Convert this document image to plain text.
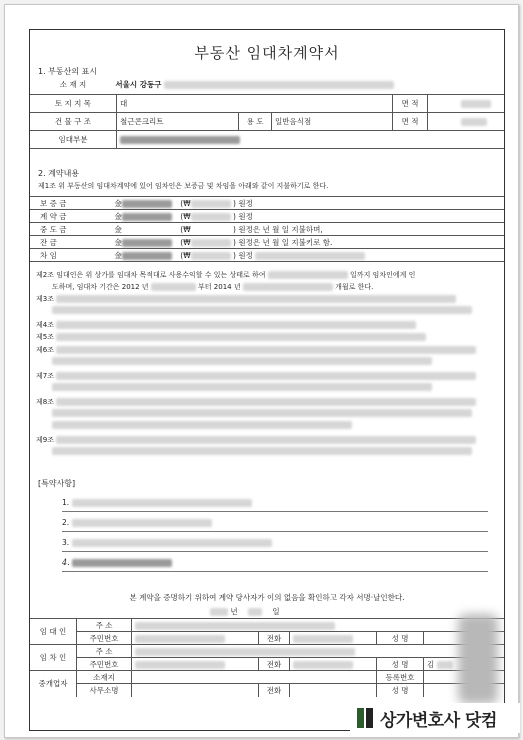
부동산 임대차계약서
1. 부동산의 표시
소 재 지 서울시 강동구					
토 지 지 목	대			면 적	
건 물 구 조	철근콘크리트	용 도	일반음식점	면 적	
임대부분					
2. 계약내용
제1조 위 부동산의 임대차계약에 있어 임차인은 보증금 및 차임을 아래와 같이 지불하기로 한다.
보 증 금	金	(₩	) 원정
계 약 금	金	(₩	) 원정
중 도 금	金	(₩	) 원정은 년 월 일 지불하며,
잔 금	金	(₩	) 원정은 년 월 일 지불키로 함.
차 임	金	(₩	) 원정
제2조 임대인은 위 상가를 임대차 목적대로 사용수익할 수 있는 상태로 하여	일까지 임차인에게 인
도하며, 임대차 기간은 2012 년	부터 2014 년	개월로 한다.
제3조
제4조
제5조
제6조
제7조
제8조
제9조
[특약사항]
1.
2.
3.
4.
본 계약을 증명하기 위하여 계약 당사자가 이의 없음을 확인하고 각자 서명·날인한다.
년	일
임 대 인	주 소					
	주민번호		전화		성 명	
임 차 인	주 소					
	주민번호		전화		성 명	김
중개업자	소재지				등록번호	
	사무소명		전화		성 명	
상가변호사 닷컴
